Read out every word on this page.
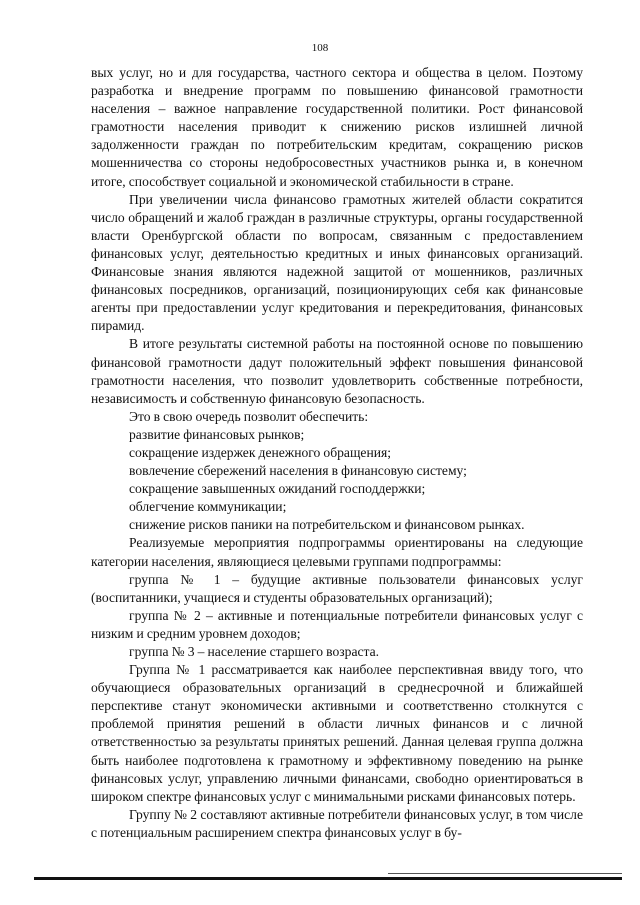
108

вых услуг, но и для государства, частного сектора и общества в целом. Поэтому разработка и внедрение программ по повышению финансовой грамотности населения – важное направление государственной политики. Рост финансовой грамотности населения приводит к снижению рисков излишней личной задолженности граждан по потребительским кредитам, сокращению рисков мошенничества со стороны недобросовестных участников рынка и, в конечном итоге, способствует социальной и экономической стабильности в стране.

При увеличении числа финансово грамотных жителей области сократится число обращений и жалоб граждан в различные структуры, органы государственной власти Оренбургской области по вопросам, связанным с предоставлением финансовых услуг, деятельностью кредитных и иных финансовых организаций. Финансовые знания являются надежной защитой от мошенников, различных финансовых посредников, организаций, позиционирующих себя как финансовые агенты при предоставлении услуг кредитования и перекредитования, финансовых пирамид.

В итоге результаты системной работы на постоянной основе по повышению финансовой грамотности дадут положительный эффект повышения финансовой грамотности населения, что позволит удовлетворить собственные потребности, независимость и собственную финансовую безопасность.

Это в свою очередь позволит обеспечить:

развитие финансовых рынков;
сокращение издержек денежного обращения;
вовлечение сбережений населения в финансовую систему;
сокращение завышенных ожиданий господдержки;
облегчение коммуникации;
снижение рисков паники на потребительском и финансовом рынках.

Реализуемые мероприятия подпрограммы ориентированы на следующие категории населения, являющиеся целевыми группами подпрограммы:

группа № 1 – будущие активные пользователи финансовых услуг (воспитанники, учащиеся и студенты образовательных организаций);

группа № 2 – активные и потенциальные потребители финансовых услуг с низким и средним уровнем доходов;

группа № 3 – население старшего возраста.

Группа № 1 рассматривается как наиболее перспективная ввиду того, что обучающиеся образовательных организаций в среднесрочной и ближайшей перспективе станут экономически активными и соответственно столкнутся с проблемой принятия решений в области личных финансов и с личной ответственностью за результаты принятых решений. Данная целевая группа должна быть наиболее подготовлена к грамотному и эффективному поведению на рынке финансовых услуг, управлению личными финансами, свободно ориентироваться в широком спектре финансовых услуг с минимальными рисками финансовых потерь.

Группу № 2 составляют активные потребители финансовых услуг, в том числе с потенциальным расширением спектра финансовых услуг в бу-
